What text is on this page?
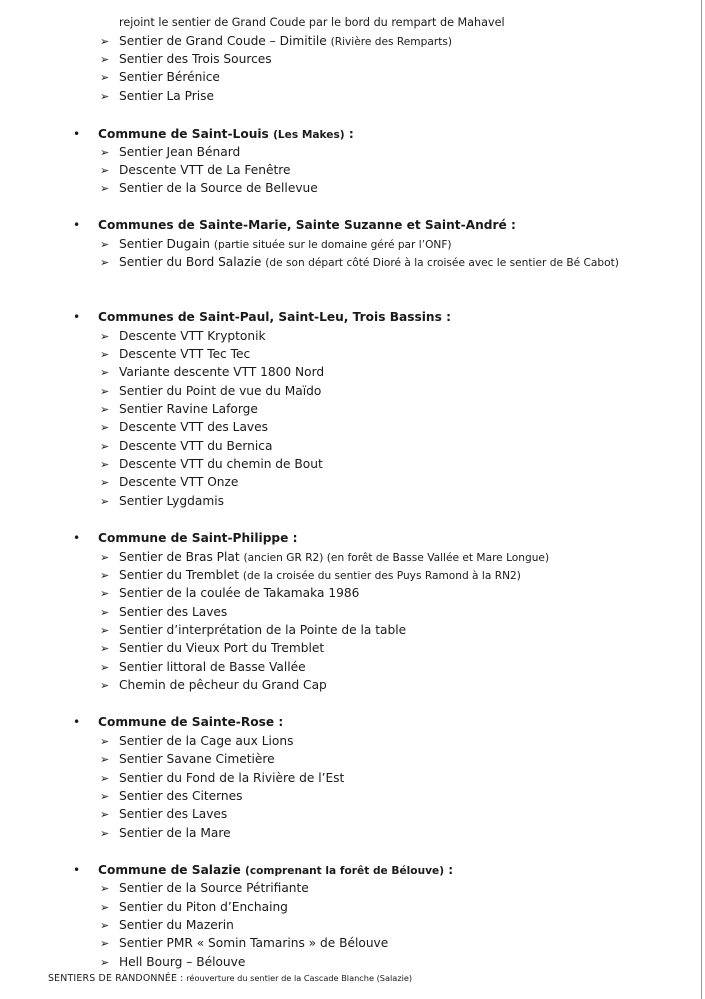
rejoint le sentier de Grand Coude par le bord du rempart de Mahavel
SENTIERS DE RANDONNÉE : réouverture du sentier de la Cascade Blanche (Salazie)
➢ Sentier de Grand Coude – Dimitile (Rivière des Remparts)
➢ Sentier des Trois Sources
➢ Sentier Bérénice
➢ Sentier La Prise
• Commune de Saint-Louis (Les Makes) :
➢ Sentier Jean Bénard
➢ Descente VTT de La Fenêtre
➢ Sentier de la Source de Bellevue
• Communes de Sainte-Marie, Sainte Suzanne et Saint-André :
➢ Sentier Dugain (partie située sur le domaine géré par l’ONF)
➢ Sentier du Bord Salazie (de son départ côté Dioré à la croisée avec le sentier de Bé Cabot)
• Communes de Saint-Paul, Saint-Leu, Trois Bassins :
➢ Descente VTT Kryptonik
➢ Descente VTT Tec Tec
➢ Variante descente VTT 1800 Nord
➢ Sentier du Point de vue du Maïdo
➢ Sentier Ravine Laforge
➢ Descente VTT des Laves
➢ Descente VTT du Bernica
➢ Descente VTT du chemin de Bout
➢ Descente VTT Onze
➢ Sentier Lygdamis
• Commune de Saint-Philippe :
➢ Sentier de Bras Plat (ancien GR R2) (en forêt de Basse Vallée et Mare Longue)
➢ Sentier du Tremblet (de la croisée du sentier des Puys Ramond à la RN2)
➢ Sentier de la coulée de Takamaka 1986
➢ Sentier des Laves
➢ Sentier d’interprétation de la Pointe de la table
➢ Sentier du Vieux Port du Tremblet
➢ Sentier littoral de Basse Vallée
➢ Chemin de pêcheur du Grand Cap
• Commune de Sainte-Rose :
➢ Sentier de la Cage aux Lions
➢ Sentier Savane Cimetière
➢ Sentier du Fond de la Rivière de l’Est
➢ Sentier des Citernes
➢ Sentier des Laves
➢ Sentier de la Mare
• Commune de Salazie (comprenant la forêt de Bélouve) :
➢ Sentier de la Source Pétrifiante
➢ Sentier du Piton d’Enchaing
➢ Sentier du Mazerin
➢ Sentier PMR « Somin Tamarins » de Bélouve
➢ Hell Bourg – Bélouve
